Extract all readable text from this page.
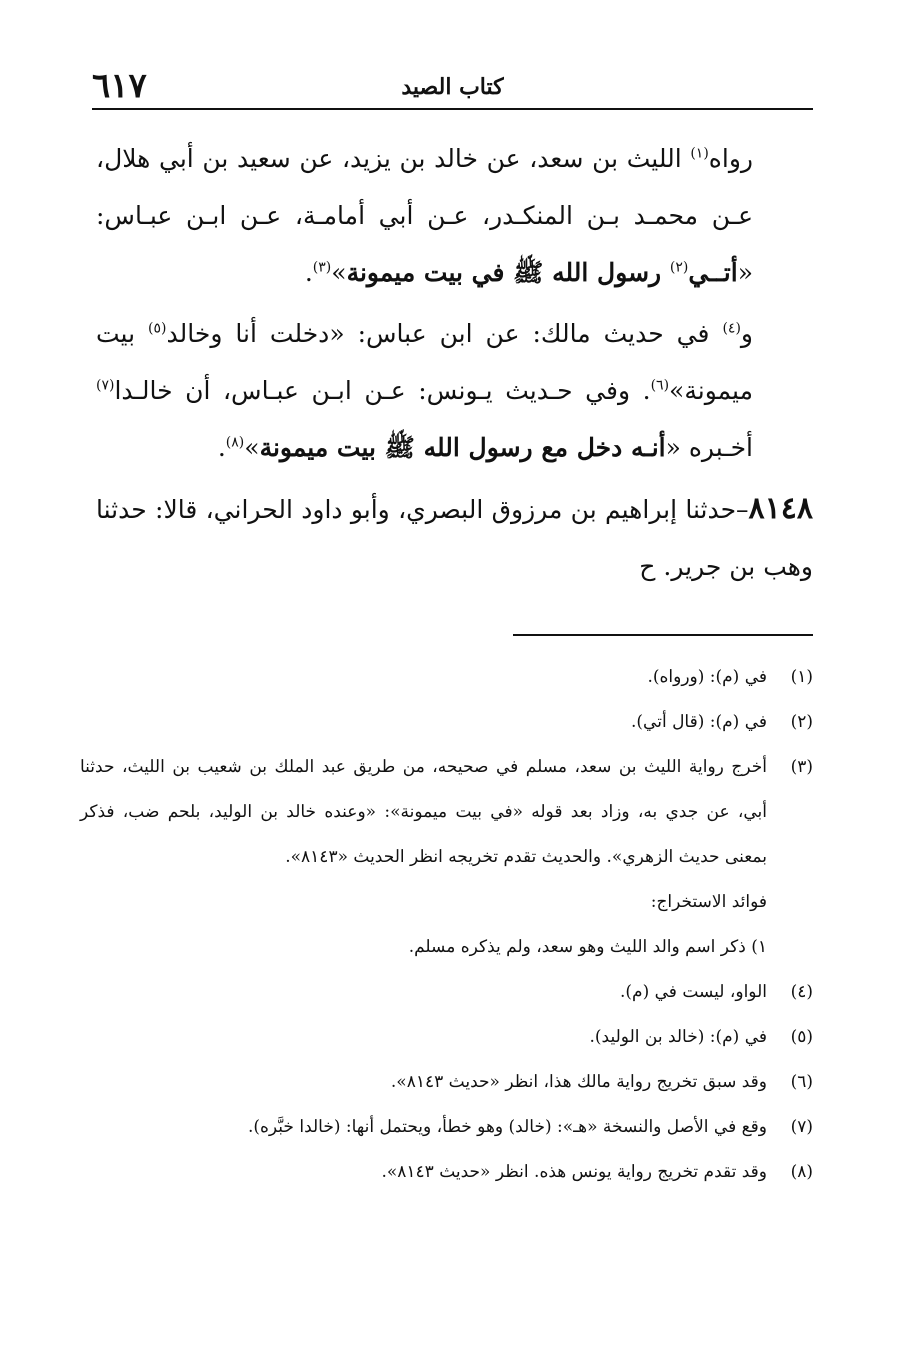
٦١٧	كتاب الصيد

رواه$^{(١)}$ الليث بن سعد، عن خالد بن يزيد، عن سعيد بن أبي هلال، عـن محمـد بـن المنكـدر، عـن أبي أمامـة، عـن ابـن عبـاس: «أتــي$^{(٢)}$ رسول الله ﷺ في بيت ميمونة»$^{(٣)}$.

و$^{(٤)}$ في حديث مالك: عن ابن عباس: «دخلت أنا وخالد$^{(٥)}$ بيت ميمونة»$^{(٦)}$. وفي حـديث يـونس: عـن ابـن عبـاس، أن خالـدا$^{(٧)}$ أخـبره «أنـه دخل مع رسول الله ﷺ بيت ميمونة»$^{(٨)}$.

٨١٤٨–حدثنا إبراهيم بن مرزوق البصري، وأبو داود الحراني، قالا: حدثنا وهب بن جرير. ح

(١)
في (م): (ورواه).
(٢)
في (م): (قال أتي).
(٣)
أخرج رواية الليث بن سعد، مسلم في صحيحه، من طريق عبد الملك بن شعيب بن الليث، حدثنا أبي، عن جدي به، وزاد بعد قوله «في بيت ميمونة»: «وعنده خالد بن الوليد، بلحم ضب، فذكر بمعنى حديث الزهري». والحديث تقدم تخريجه انظر الحديث «٨١٤٣».
فوائد الاستخراج:
١) ذكر اسم والد الليث وهو سعد، ولم يذكره مسلم.
(٤)
الواو، ليست في (م).
(٥)
في (م): (خالد بن الوليد).
(٦)
وقد سبق تخريج رواية مالك هذا، انظر «حديث ٨١٤٣».
(٧)
وقع في الأصل والنسخة «هـ»: (خالد) وهو خطأ، ويحتمل أنها: (خالدا خبَّره).
(٨)
وقد تقدم تخريج رواية يونس هذه. انظر «حديث ٨١٤٣».
